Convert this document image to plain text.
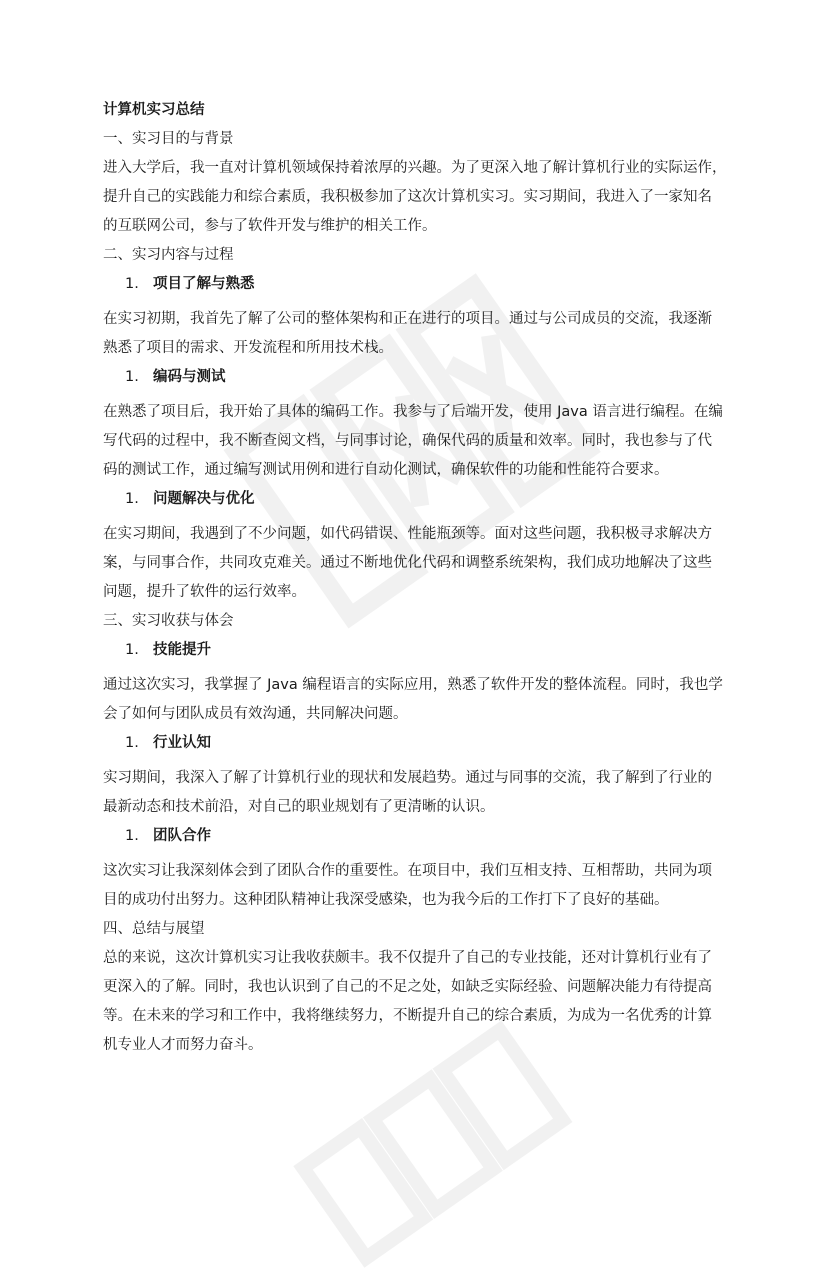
计算机实习总结
一、实习目的与背景

进入大学后，我一直对计算机领域保持着浓厚的兴趣。为了更深入地了解计算机行业的实际运作，
提升自己的实践能力和综合素质，我积极参加了这次计算机实习。实习期间，我进入了一家知名
的互联网公司，参与了软件开发与维护的相关工作。

二、实习内容与过程
1. 项目了解与熟悉

在实习初期，我首先了解了公司的整体架构和正在进行的项目。通过与公司成员的交流，我逐渐
熟悉了项目的需求、开发流程和所用技术栈。

1. 编码与测试

在熟悉了项目后，我开始了具体的编码工作。我参与了后端开发，使用 Java 语言进行编程。在编
写代码的过程中，我不断查阅文档，与同事讨论，确保代码的质量和效率。同时，我也参与了代
码的测试工作，通过编写测试用例和进行自动化测试，确保软件的功能和性能符合要求。

1. 问题解决与优化

在实习期间，我遇到了不少问题，如代码错误、性能瓶颈等。面对这些问题，我积极寻求解决方
案，与同事合作，共同攻克难关。通过不断地优化代码和调整系统架构，我们成功地解决了这些
问题，提升了软件的运行效率。

三、实习收获与体会
1. 技能提升

通过这次实习，我掌握了 Java 编程语言的实际应用，熟悉了软件开发的整体流程。同时，我也学
会了如何与团队成员有效沟通，共同解决问题。

1. 行业认知

实习期间，我深入了解了计算机行业的现状和发展趋势。通过与同事的交流，我了解到了行业的
最新动态和技术前沿，对自己的职业规划有了更清晰的认识。

1. 团队合作

这次实习让我深刻体会到了团队合作的重要性。在项目中，我们互相支持、互相帮助，共同为项
目的成功付出努力。这种团队精神让我深受感染，也为我今后的工作打下了良好的基础。

四、总结与展望

总的来说，这次计算机实习让我收获颇丰。我不仅提升了自己的专业技能，还对计算机行业有了
更深入的了解。同时，我也认识到了自己的不足之处，如缺乏实际经验、问题解决能力有待提高
等。在未来的学习和工作中，我将继续努力，不断提升自己的综合素质，为成为一名优秀的计算
机专业人才而努力奋斗。
